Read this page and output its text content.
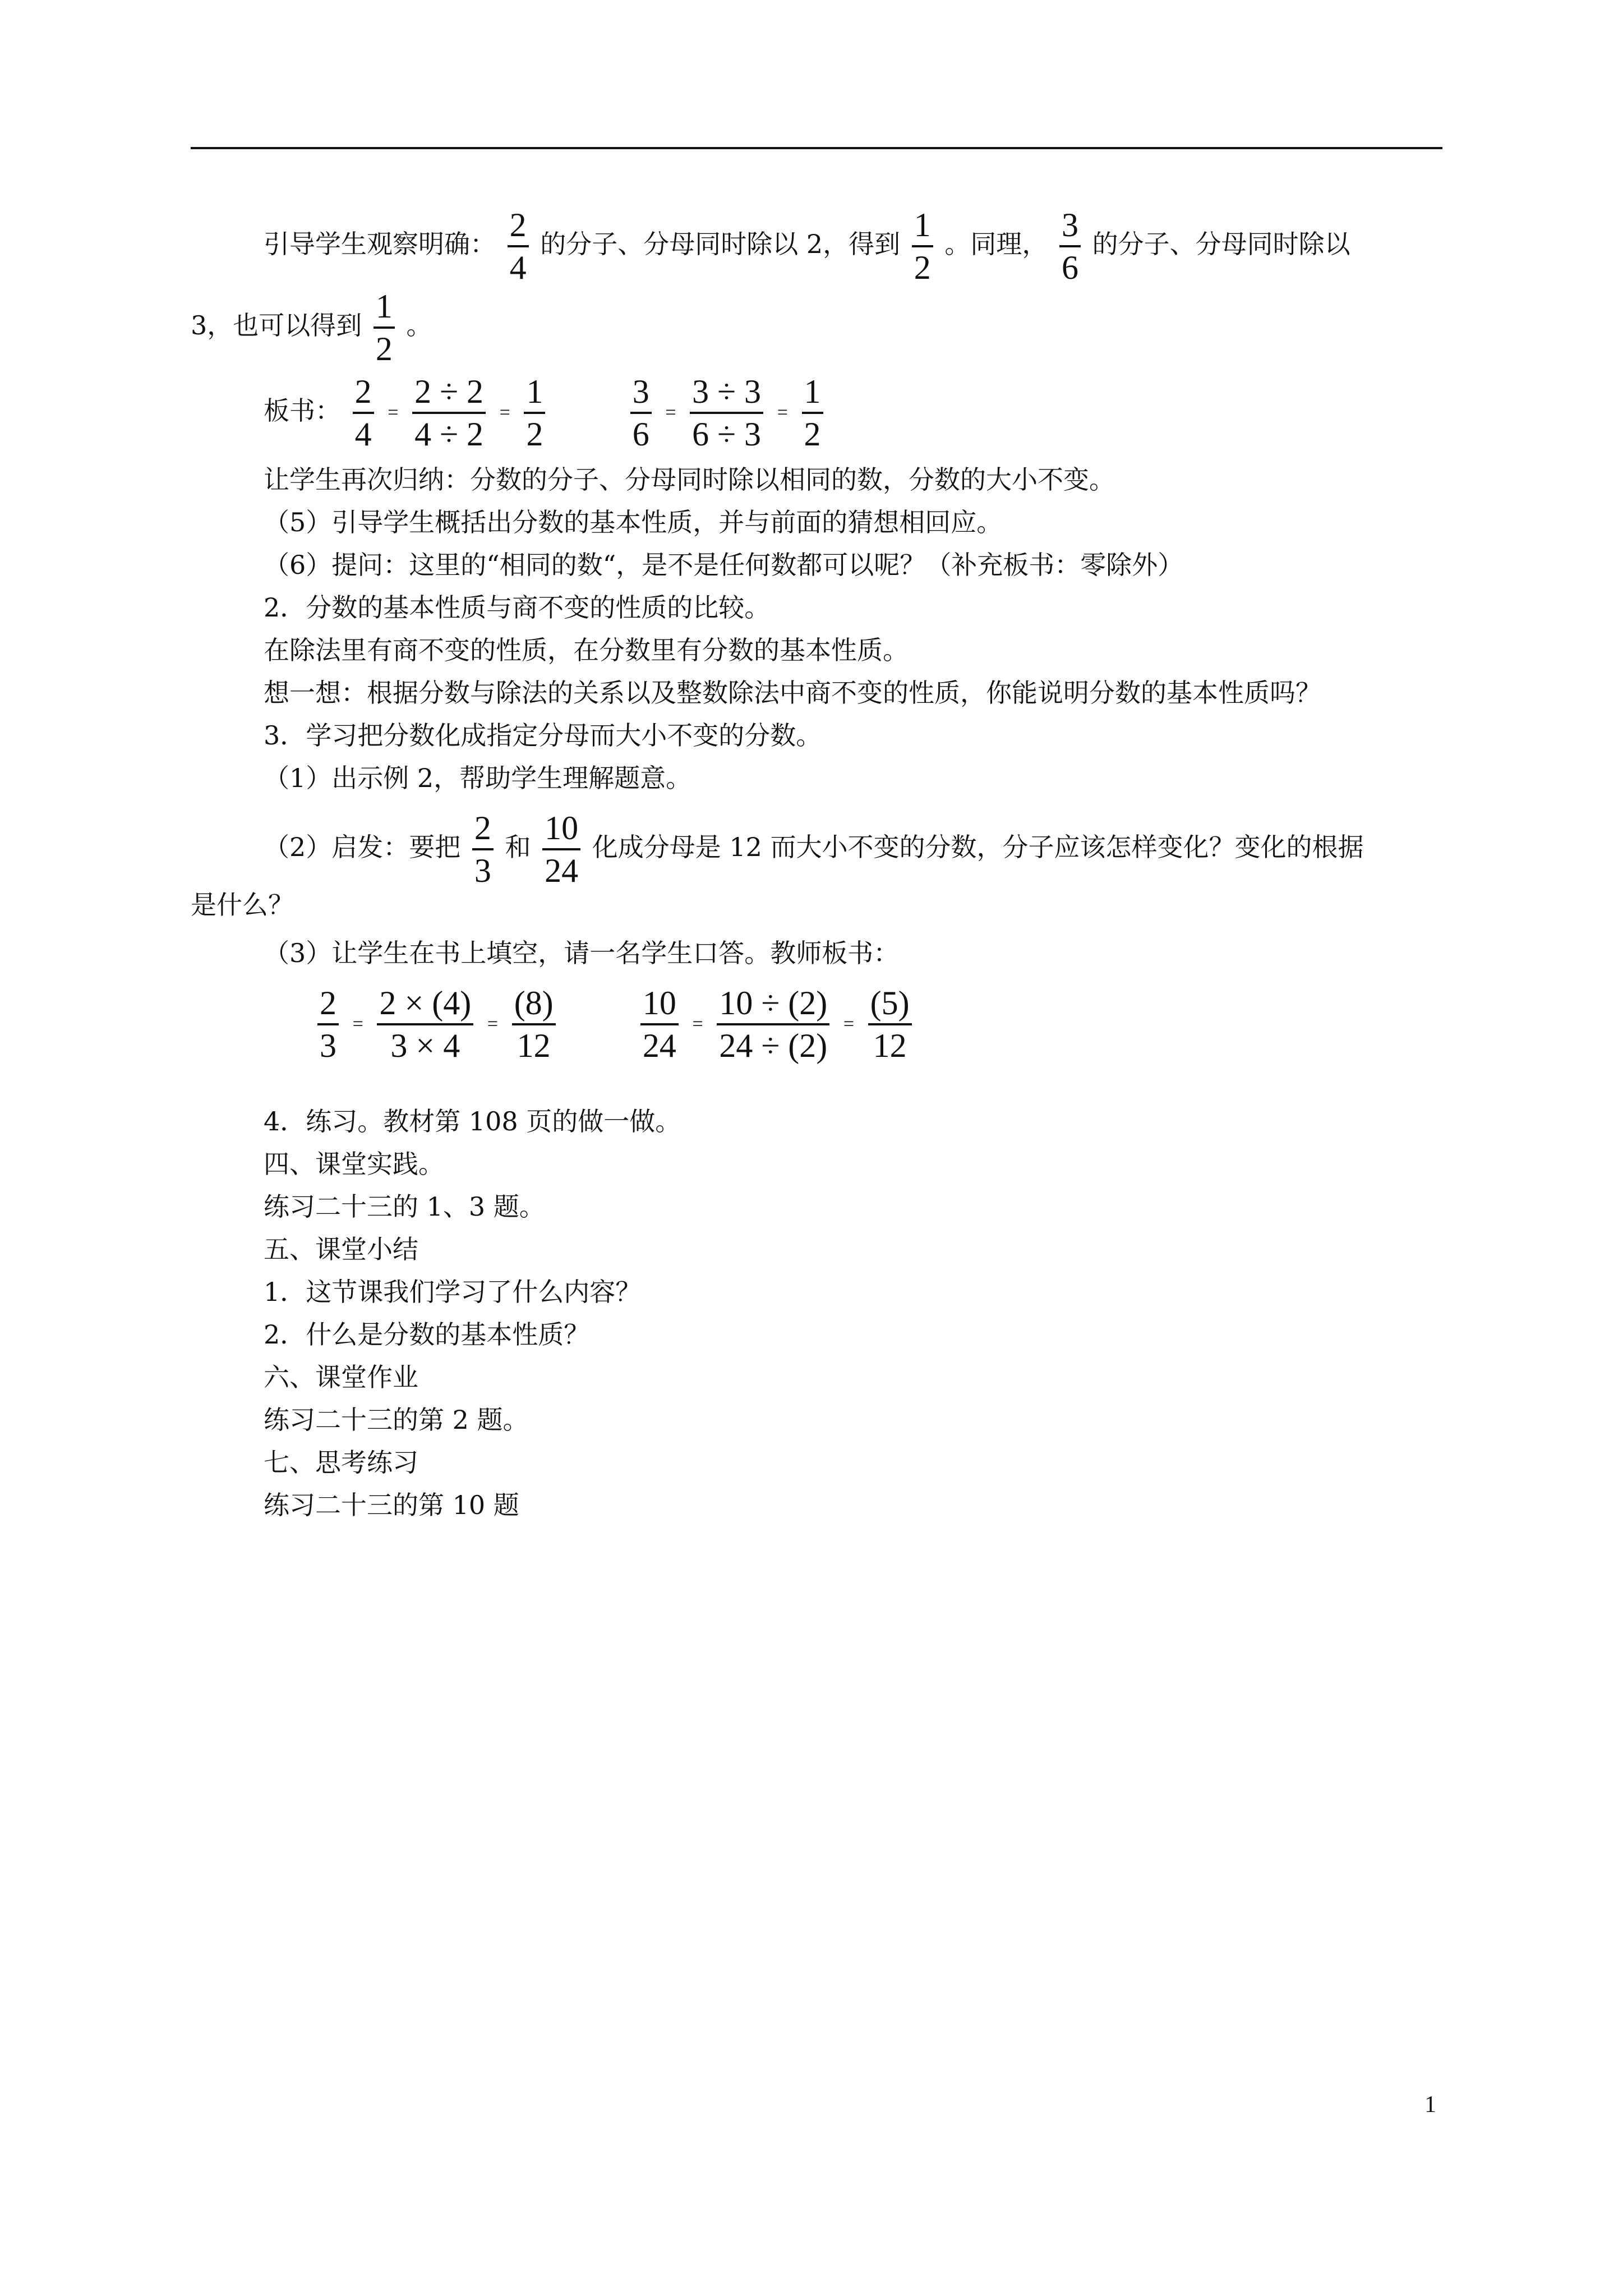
引导学生观察明确： $\frac{2}{4}$ 的分子、分母同时除以 2，得到 $\frac{1}{2}$ 。同理， $\frac{3}{6}$ 的分子、分母同时除以
3，也可以得到 $\frac{1}{2}$ 。
板书： $\frac{2}{4} = \frac{2 \div 2}{4 \div 2} = \frac{1}{2}$
	$\frac{3}{6} = \frac{3 \div 3}{6 \div 3} = \frac{1}{2}$
让学生再次归纳：分数的分子、分母同时除以相同的数，分数的大小不变。
（5）引导学生概括出分数的基本性质，并与前面的猜想相回应。
（6）提问：这里的“相同的数“，是不是任何数都可以呢？（补充板书：零除外）
2．分数的基本性质与商不变的性质的比较。
在除法里有商不变的性质，在分数里有分数的基本性质。
想一想：根据分数与除法的关系以及整数除法中商不变的性质，你能说明分数的基本性质吗？
3．学习把分数化成指定分母而大小不变的分数。
（1）出示例 2，帮助学生理解题意。
（2）启发：要把 $\frac{2}{3}$ 和 $\frac{10}{24}$ 化成分母是 12 而大小不变的分数，分子应该怎样变化？变化的根据
是什么？
（3）让学生在书上填空，请一名学生口答。教师板书：
$\frac{2}{3} = \frac{2 \times (4)}{3 \times 4} = \frac{(8)}{12}$
	$\frac{10}{24} = \frac{10 \div (2)}{24 \div (2)} = \frac{(5)}{12}$
4．练习。教材第 108 页的做一做。
四、课堂实践。
练习二十三的 1、3 题。
五、课堂小结
1．这节课我们学习了什么内容？
2．什么是分数的基本性质？
六、课堂作业
练习二十三的第 2 题。
七、思考练习
练习二十三的第 10 题
1
